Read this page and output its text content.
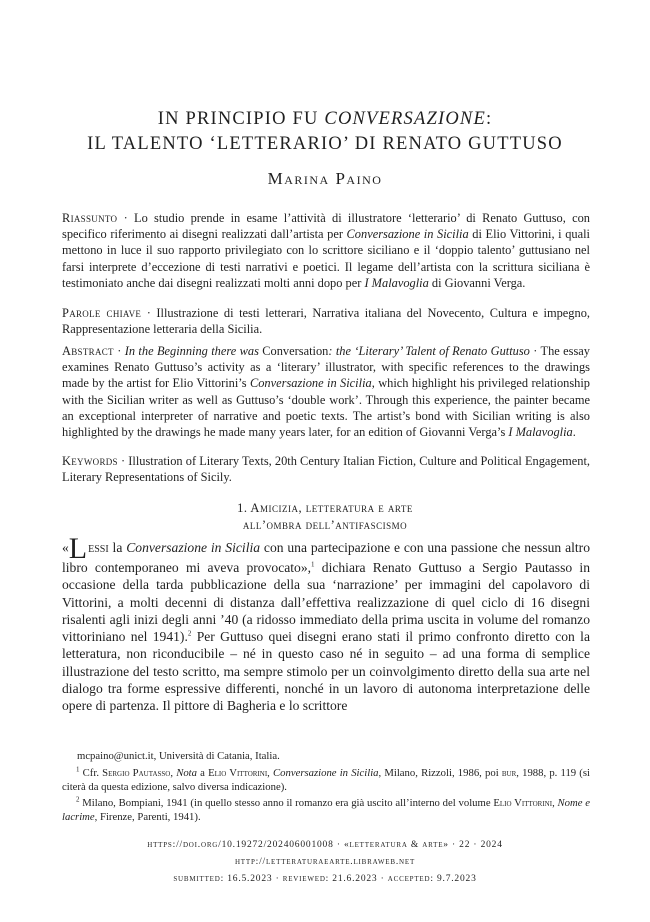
IN PRINCIPIO FU CONVERSAZIONE:
IL TALENTO ‘LETTERARIO’ DI RENATO GUTTUSO
Marina Paino
Riassunto · Lo studio prende in esame l’attività di illustratore ‘letterario’ di Renato Guttuso, con specifico riferimento ai disegni realizzati dall’artista per Conversazione in Sicilia di Elio Vittorini, i quali mettono in luce il suo rapporto privilegiato con lo scrittore siciliano e il ‘doppio talento’ guttusiano nel farsi interprete d’eccezione di testi narrativi e poetici. Il legame dell’artista con la scrittura siciliana è testimoniato anche dai disegni realizzati molti anni dopo per I Malavoglia di Giovanni Verga.
Parole chiave · Illustrazione di testi letterari, Narrativa italiana del Novecento, Cultura e impegno, Rappresentazione letteraria della Sicilia.
Abstract · In the Beginning there was Conversation: the ‘Literary’ Talent of Renato Guttuso · The essay examines Renato Guttuso’s activity as a ‘literary’ illustrator, with specific references to the drawings made by the artist for Elio Vittorini’s Conversazione in Sicilia, which highlight his privileged relationship with the Sicilian writer as well as Guttuso’s ‘double work’. Through this experience, the painter became an exceptional interpreter of narrative and poetic texts. The artist’s bond with Sicilian writing is also highlighted by the drawings he made many years later, for an edition of Giovanni Verga’s I Malavoglia.
Keywords · Illustration of Literary Texts, 20th Century Italian Fiction, Culture and Political Engagement, Literary Representations of Sicily.
1. Amicizia, letteratura e arte
all’ombra dell’antifascismo
«Lessi la Conversazione in Sicilia con una partecipazione e con una passione che nessun altro libro contemporaneo mi aveva provocato»,$^1$ dichiara Renato Guttuso a Sergio Pautasso in occasione della tarda pubblicazione della sua ‘narrazione’ per immagini del capolavoro di Vittorini, a molti decenni di distanza dall’effettiva realizzazione di quel ciclo di 16 disegni risalenti agli inizi degli anni ’40 (a ridosso immediato della prima uscita in volume del romanzo vittoriniano nel 1941).$^2$ Per Guttuso quei disegni erano stati il primo confronto diretto con la letteratura, non riconducibile – né in questo caso né in seguito – ad una forma di semplice illustrazione del testo scritto, ma sempre stimolo per un coinvolgimento diretto della sua arte nel dialogo tra forme espressive differenti, nonché in un lavoro di autonoma interpretazione delle opere di partenza. Il pittore di Bagheria e lo scrittore
mcpaino@unict.it, Università di Catania, Italia.

$^1$ Cfr. Sergio Pautasso, Nota a Elio Vittorini, Conversazione in Sicilia, Milano, Rizzoli, 1986, poi bur, 1988, p. 119 (si citerà da questa edizione, salvo diversa indicazione).

$^2$ Milano, Bompiani, 1941 (in quello stesso anno il romanzo era già uscito all’interno del volume Elio Vittorini, Nome e lacrime, Firenze, Parenti, 1941).

https://doi.org/10.19272/202406001008 · «letteratura & arte» · 22 · 2024
http://letteraturaearte.libraweb.net
submitted: 16.5.2023 · reviewed: 21.6.2023 · accepted: 9.7.2023
